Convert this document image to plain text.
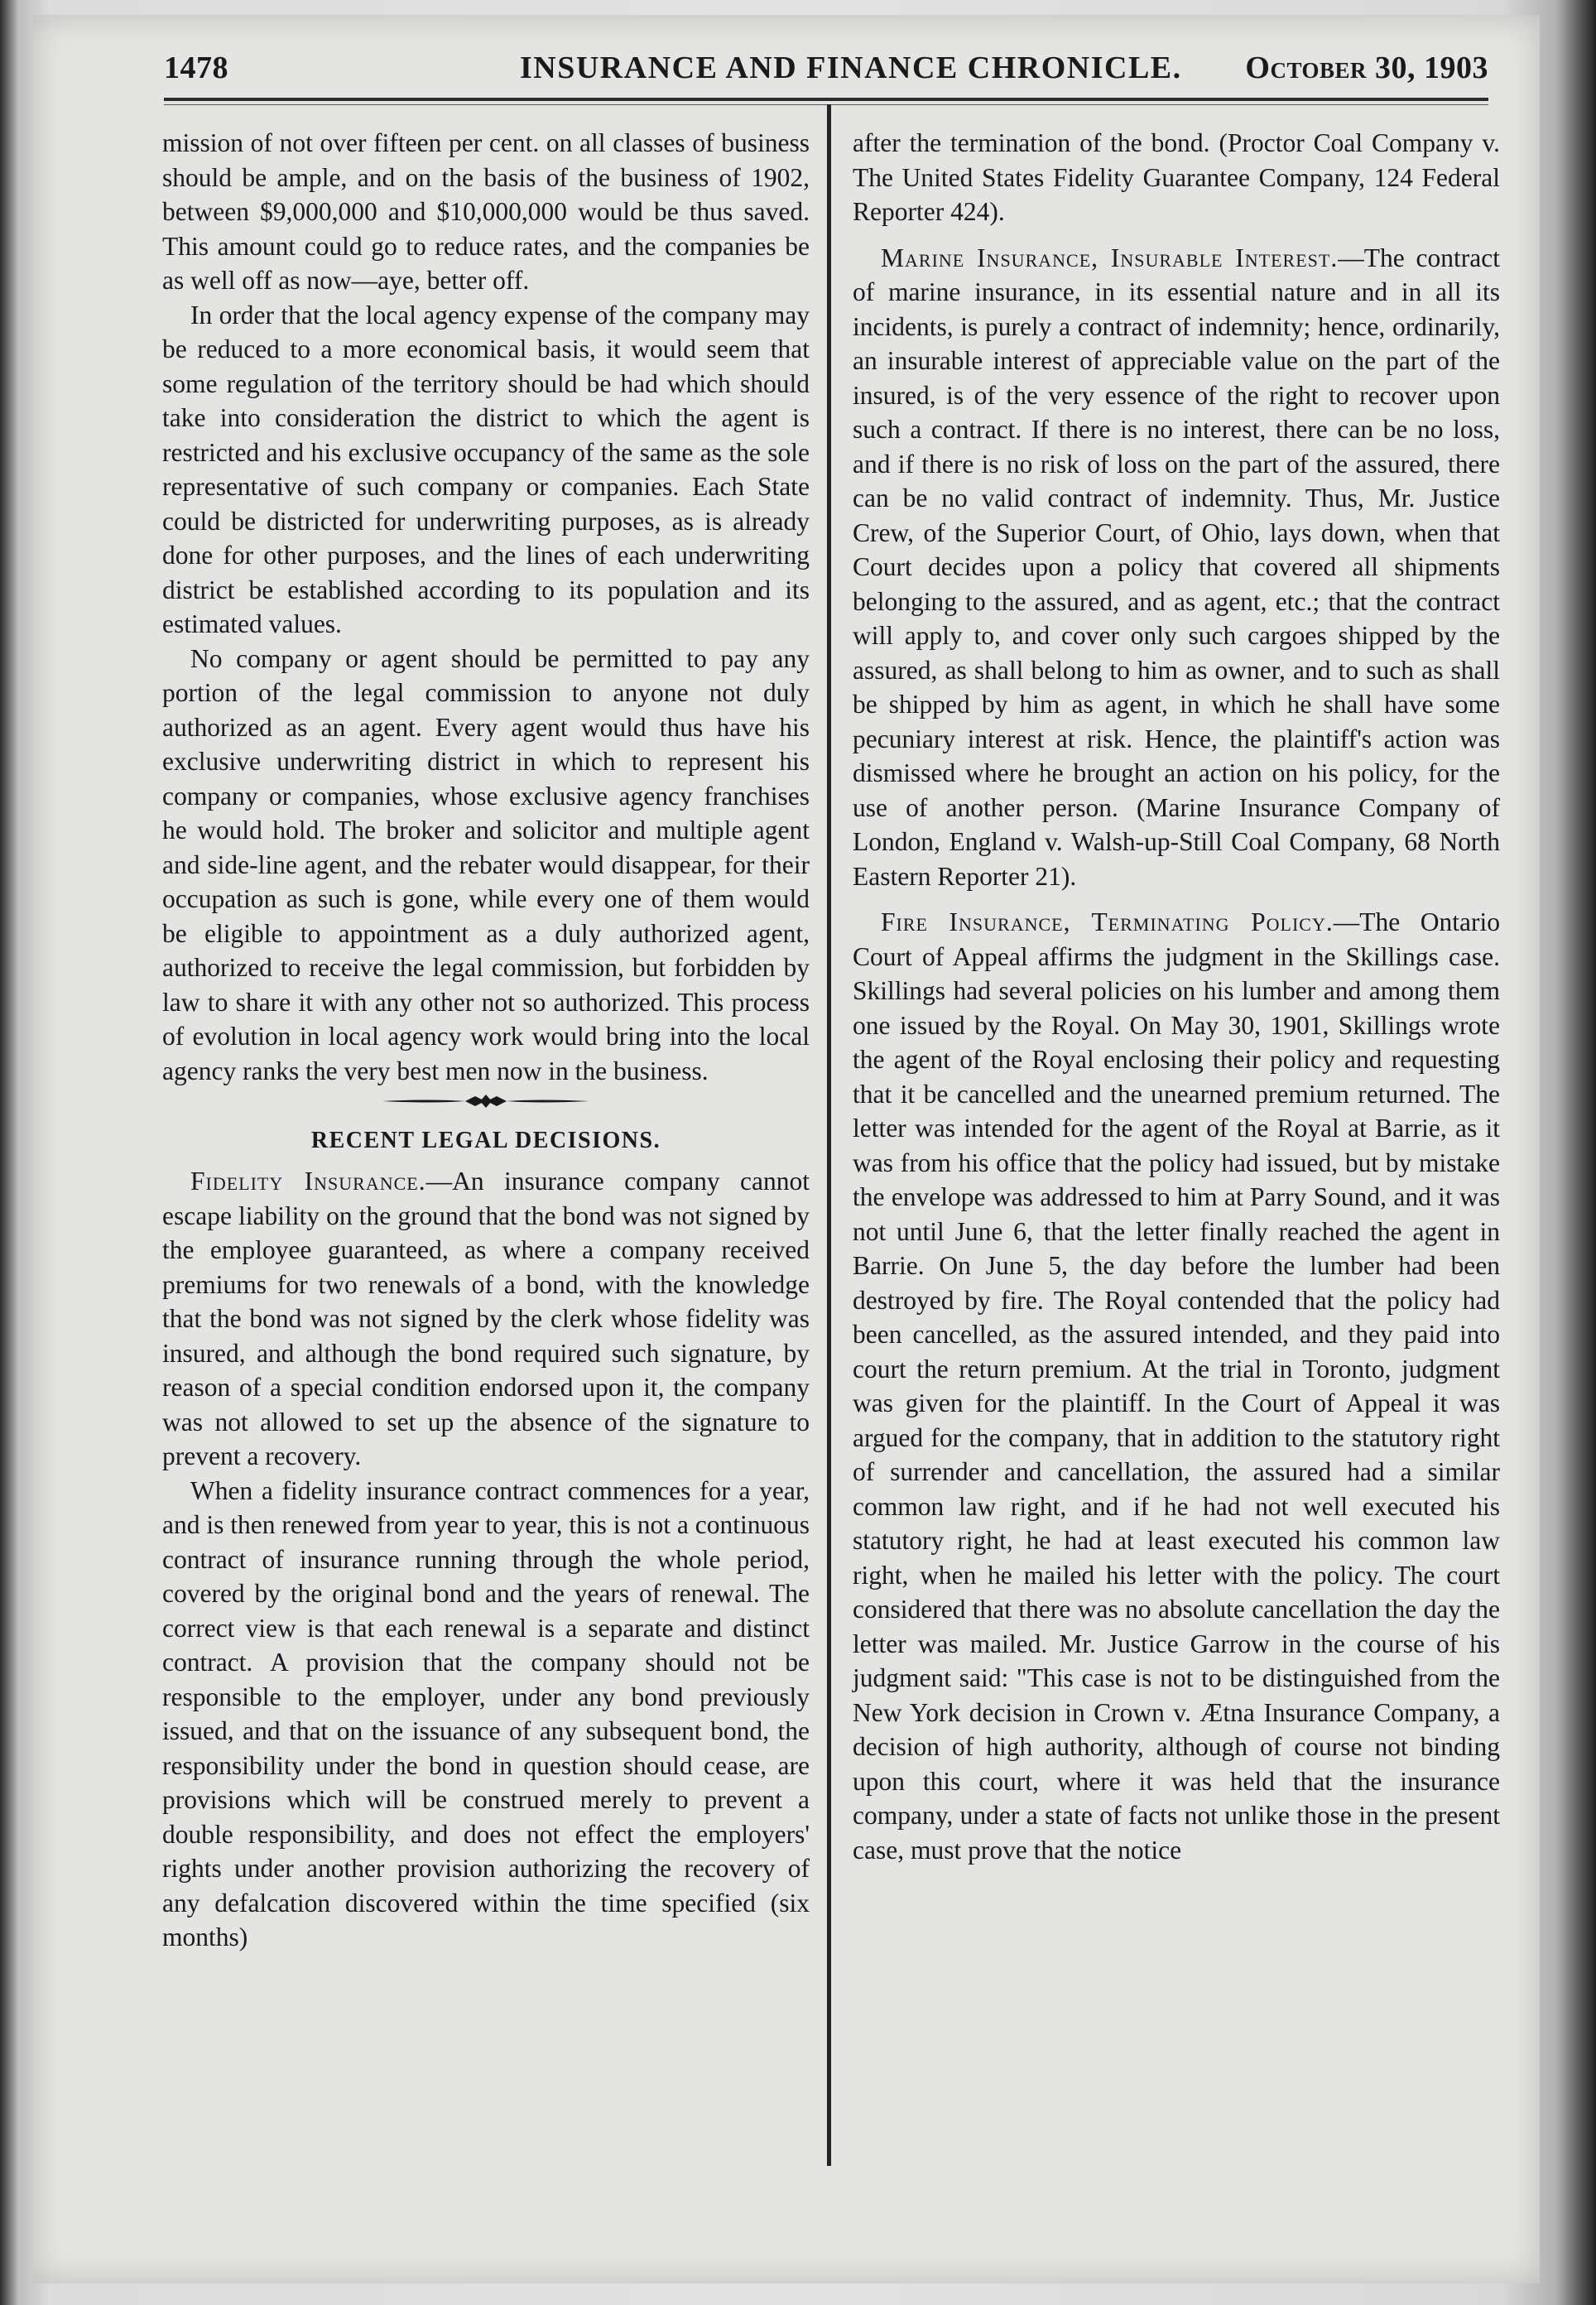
1478	INSURANCE AND FINANCE CHRONICLE. October 30, 1903

mission of not over fifteen per cent. on all classes of business should be ample, and on the basis of the business of 1902, between $9,000,000 and $10,000,000 would be thus saved. This amount could go to reduce rates, and the companies be as well off as now—aye, better off.

In order that the local agency expense of the company may be reduced to a more economical basis, it would seem that some regulation of the territory should be had which should take into consideration the district to which the agent is restricted and his exclusive occupancy of the same as the sole representative of such company or companies. Each State could be districted for underwriting purposes, as is already done for other purposes, and the lines of each underwriting district be established according to its population and its estimated values.

No company or agent should be permitted to pay any portion of the legal commission to anyone not duly authorized as an agent. Every agent would thus have his exclusive underwriting district in which to represent his company or companies, whose exclusive agency franchises he would hold. The broker and solicitor and multiple agent and side-line agent, and the rebater would disappear, for their occupation as such is gone, while every one of them would be eligible to appointment as a duly authorized agent, authorized to receive the legal commission, but forbidden by law to share it with any other not so authorized. This process of evolution in local agency work would bring into the local agency ranks the very best men now in the business.

RECENT LEGAL DECISIONS.

Fidelity Insurance.—An insurance company cannot escape liability on the ground that the bond was not signed by the employee guaranteed, as where a company received premiums for two renewals of a bond, with the knowledge that the bond was not signed by the clerk whose fidelity was insured, and although the bond required such signature, by reason of a special condition endorsed upon it, the company was not allowed to set up the absence of the signature to prevent a recovery.

When a fidelity insurance contract commences for a year, and is then renewed from year to year, this is not a continuous contract of insurance running through the whole period, covered by the original bond and the years of renewal. The correct view is that each renewal is a separate and distinct contract. A provision that the company should not be responsible to the employer, under any bond previously issued, and that on the issuance of any subsequent bond, the responsibility under the bond in question should cease, are provisions which will be construed merely to prevent a double responsibility, and does not effect the employers' rights under another provision authorizing the recovery of any defalcation discovered within the time specified (six months)

after the termination of the bond. (Proctor Coal Company v. The United States Fidelity Guarantee Company, 124 Federal Reporter 424).

Marine Insurance, Insurable Interest.—The contract of marine insurance, in its essential nature and in all its incidents, is purely a contract of indemnity; hence, ordinarily, an insurable interest of appreciable value on the part of the insured, is of the very essence of the right to recover upon such a contract. If there is no interest, there can be no loss, and if there is no risk of loss on the part of the assured, there can be no valid contract of indemnity. Thus, Mr. Justice Crew, of the Superior Court, of Ohio, lays down, when that Court decides upon a policy that covered all shipments belonging to the assured, and as agent, etc.; that the contract will apply to, and cover only such cargoes shipped by the assured, as shall belong to him as owner, and to such as shall be shipped by him as agent, in which he shall have some pecuniary interest at risk. Hence, the plaintiff's action was dismissed where he brought an action on his policy, for the use of another person. (Marine Insurance Company of London, England v. Walsh-up-Still Coal Company, 68 North Eastern Reporter 21).

Fire Insurance, Terminating Policy.—The Ontario Court of Appeal affirms the judgment in the Skillings case. Skillings had several policies on his lumber and among them one issued by the Royal. On May 30, 1901, Skillings wrote the agent of the Royal enclosing their policy and requesting that it be cancelled and the unearned premium returned. The letter was intended for the agent of the Royal at Barrie, as it was from his office that the policy had issued, but by mistake the envelope was addressed to him at Parry Sound, and it was not until June 6, that the letter finally reached the agent in Barrie. On June 5, the day before the lumber had been destroyed by fire. The Royal contended that the policy had been cancelled, as the assured intended, and they paid into court the return premium. At the trial in Toronto, judgment was given for the plaintiff. In the Court of Appeal it was argued for the company, that in addition to the statutory right of surrender and cancellation, the assured had a similar common law right, and if he had not well executed his statutory right, he had at least executed his common law right, when he mailed his letter with the policy. The court considered that there was no absolute cancellation the day the letter was mailed. Mr. Justice Garrow in the course of his judgment said: "This case is not to be distinguished from the New York decision in Crown v. Ætna Insurance Company, a decision of high authority, although of course not binding upon this court, where it was held that the insurance company, under a state of facts not unlike those in the present case, must prove that the notice
